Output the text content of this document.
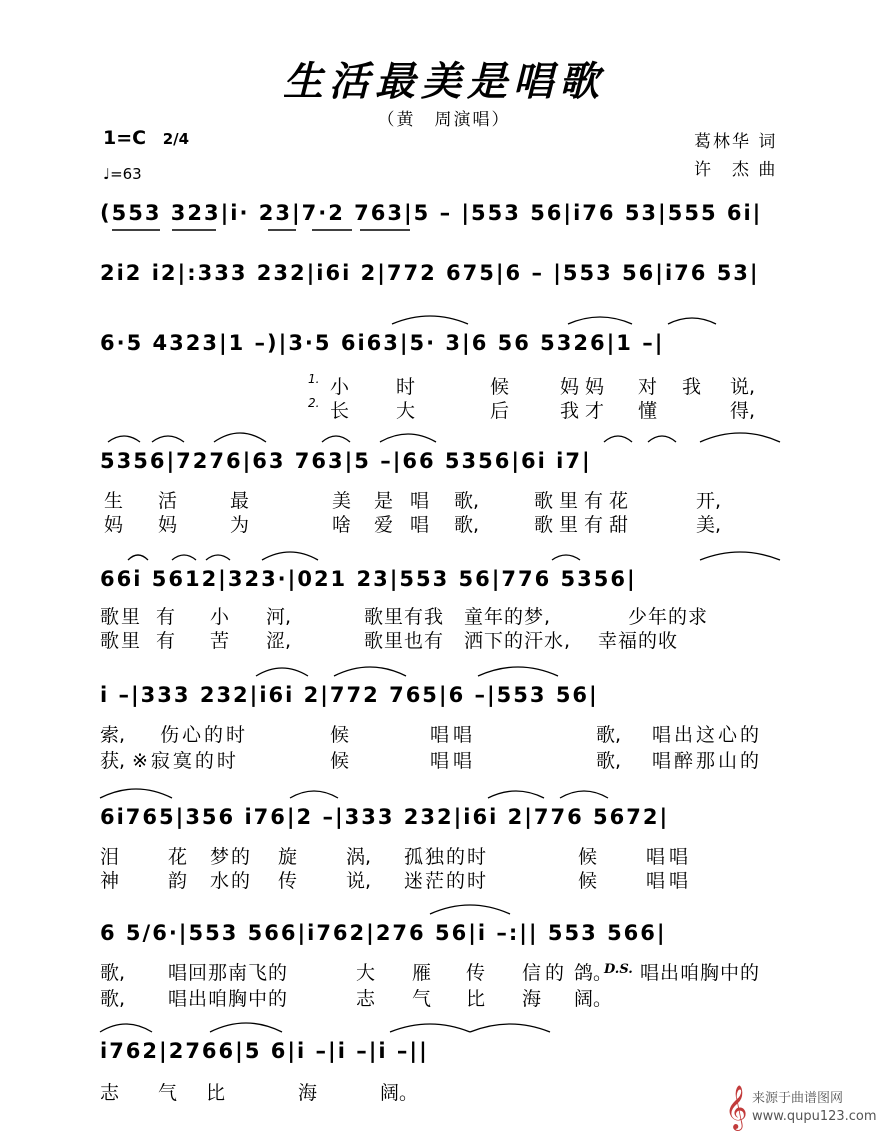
生活最美是唱歌
（黄　周演唱）
1=C 2/4
♩=63
葛林华 词
许　杰 曲
(553 323|i· 23|7·2 763|5 – |553 56|i76 53|555 6i|
2i2 i2|:333 232|i6i 2|772 675|6 – |553 56|i76 53|
6·5 4323|1 –)|3·5 6i63|5· 3|6 56 5326|1 –|
1. 小 时	候	妈妈 对 我 说,
2. 长 大	后	我才 懂	得,
5356|7276|63 763|5 –|66 5356|6i i7|
生 活	最	美 是 唱 歌,	歌里有花	开,
妈 妈	为	啥 爱 唱 歌,	歌里有甜	美,
66i 5612|323·|021 23|553 56|776 5356|
歌里 有 小 河,	歌里有我 童年的梦,	少年的求
歌里 有 苦 涩,	歌里也有 洒下的汗水, 幸福的收
i –|333 232|i6i 2|772 765|6 –|553 56|
索, 伤心的时	候	唱唱	歌, 唱出这心的
获, ※寂寞的时	候	唱唱	歌, 唱醉那山的
6i765|356 i76|2 –|333 232|i6i 2|776 5672|
泪	花 梦的 旋	涡, 孤独的时	候	唱唱
神	韵 水的 传	说, 迷茫的时	候	唱唱
6 5/6·|553 566|i762|276 56|i –:|| 553 566|
歌, 唱回那南飞的	大 雁 传 信的 鸽。
D.S. 唱出咱胸中的
歌, 唱出咱胸中的	志 气 比 海 阔。
i762|2766|5 6|i –|i –|i –||
志 气 比	海	阔。	𝄞 来源于曲谱图网
www.qupu123.com
